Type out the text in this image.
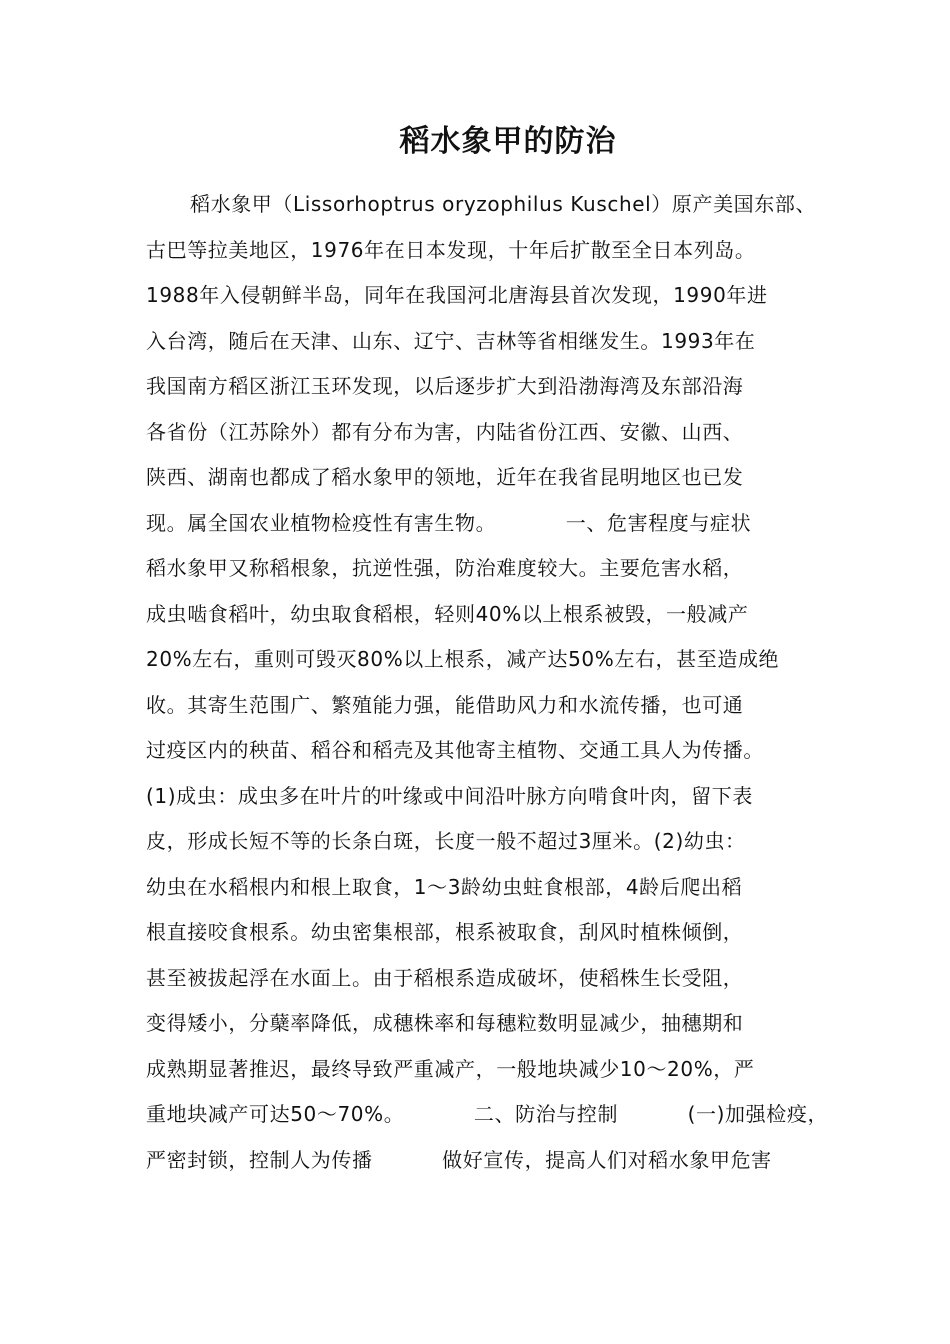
稻水象甲的防治
稻水象甲（Lissorhoptrus oryzophilus Kuschel）原产美国东部、
古巴等拉美地区，1976年在日本发现，十年后扩散至全日本列岛。
1988年入侵朝鲜半岛，同年在我国河北唐海县首次发现，1990年进
入台湾，随后在天津、山东、辽宁、吉林等省相继发生。1993年在
我国南方稻区浙江玉环发现，以后逐步扩大到沿渤海湾及东部沿海
各省份（江苏除外）都有分布为害，内陆省份江西、安徽、山西、
陕西、湖南也都成了稻水象甲的领地，近年在我省昆明地区也已发
现。属全国农业植物检疫性有害生物。          一、危害程度与症状
稻水象甲又称稻根象，抗逆性强，防治难度较大。主要危害水稻，
成虫啮食稻叶，幼虫取食稻根，轻则40%以上根系被毁，一般减产
20%左右，重则可毁灭80%以上根系，减产达50%左右，甚至造成绝
收。其寄生范围广、繁殖能力强，能借助风力和水流传播，也可通
过疫区内的秧苗、稻谷和稻壳及其他寄主植物、交通工具人为传播。
(1)成虫：成虫多在叶片的叶缘或中间沿叶脉方向啃食叶肉，留下表
皮，形成长短不等的长条白斑，长度一般不超过3厘米。(2)幼虫：
幼虫在水稻根内和根上取食，1～3龄幼虫蛀食根部，4龄后爬出稻
根直接咬食根系。幼虫密集根部，根系被取食，刮风时植株倾倒，
甚至被拔起浮在水面上。由于稻根系造成破坏，使稻株生长受阻，
变得矮小，分蘖率降低，成穗株率和每穗粒数明显减少，抽穗期和
成熟期显著推迟，最终导致严重减产，一般地块减少10～20%，严
重地块减产可达50～70%。          二、防治与控制          (一)加强检疫，
严密封锁，控制人为传播          做好宣传，提高人们对稻水象甲危害
